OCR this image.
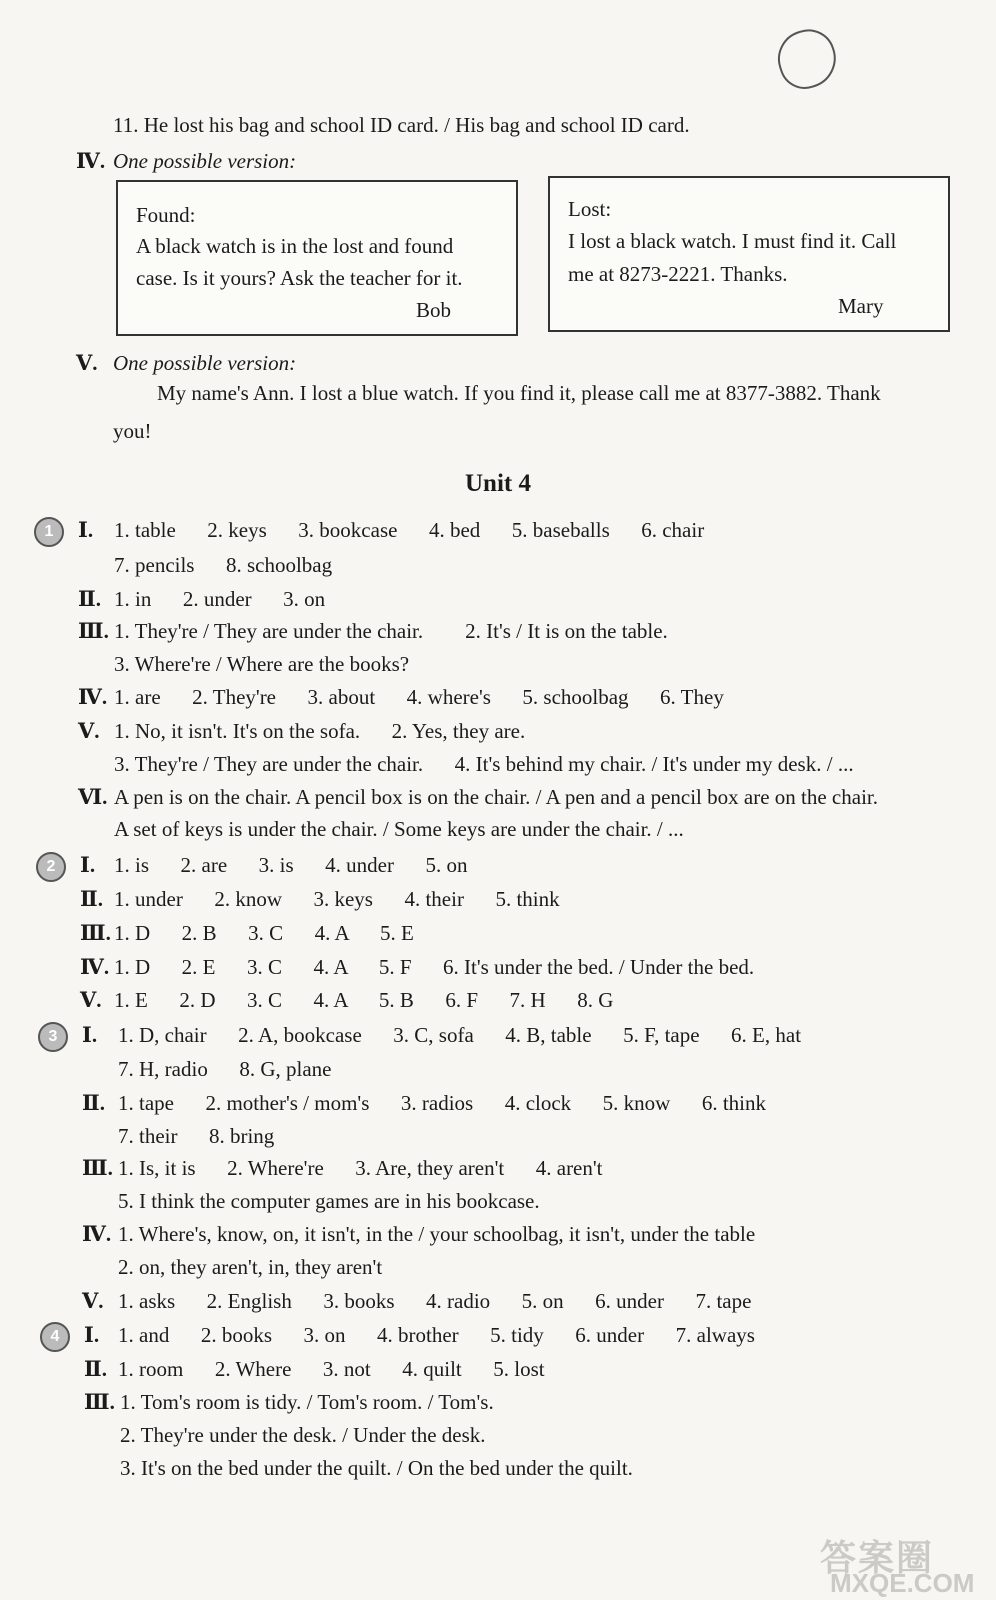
11. He lost his bag and school ID card. / His bag and school ID card.
Ⅳ. One possible version:
Found:
A black watch is in the lost and found
case. Is it yours? Ask the teacher for it.
Bob
Lost:
I lost a black watch. I must find it. Call
me at 8273-2221. Thanks.
Mary
Ⅴ. One possible version:
My name's Ann. I lost a blue watch. If you find it, please call me at 8377-3882. Thank
you!
Unit 4
1	Ⅰ. 1. table      2. keys      3. bookcase      4. bed      5. baseballs      6. chair
7. pencils      8. schoolbag
Ⅱ. 1. in      2. under      3. on
Ⅲ. 1. They're / They are under the chair.        2. It's / It is on the table.
3. Where're / Where are the books?
Ⅳ. 1. are      2. They're      3. about      4. where's      5. schoolbag      6. They
Ⅴ. 1. No, it isn't. It's on the sofa.      2. Yes, they are.
3. They're / They are under the chair.      4. It's behind my chair. / It's under my desk. / ...
Ⅵ. A pen is on the chair. A pencil box is on the chair. / A pen and a pencil box are on the chair.
A set of keys is under the chair. / Some keys are under the chair. / ...
2	Ⅰ. 1. is      2. are      3. is      4. under      5. on
Ⅱ. 1. under      2. know      3. keys      4. their      5. think
Ⅲ. 1. D      2. B      3. C      4. A      5. E
Ⅳ. 1. D      2. E      3. C      4. A      5. F      6. It's under the bed. / Under the bed.
Ⅴ. 1. E      2. D      3. C      4. A      5. B      6. F      7. H      8. G
3	Ⅰ. 1. D, chair      2. A, bookcase      3. C, sofa      4. B, table      5. F, tape      6. E, hat
7. H, radio      8. G, plane
Ⅱ. 1. tape      2. mother's / mom's      3. radios      4. clock      5. know      6. think
7. their      8. bring
Ⅲ. 1. Is, it is      2. Where're      3. Are, they aren't      4. aren't
5. I think the computer games are in his bookcase.
Ⅳ. 1. Where's, know, on, it isn't, in the / your schoolbag, it isn't, under the table
2. on, they aren't, in, they aren't
Ⅴ. 1. asks      2. English      3. books      4. radio      5. on      6. under      7. tape
4	Ⅰ. 1. and      2. books      3. on      4. brother      5. tidy      6. under      7. always
Ⅱ. 1. room      2. Where      3. not      4. quilt      5. lost
Ⅲ. 1. Tom's room is tidy. / Tom's room. / Tom's.
2. They're under the desk. / Under the desk.
3. It's on the bed under the quilt. / On the bed under the quilt.
答案圈
MXQE.COM
